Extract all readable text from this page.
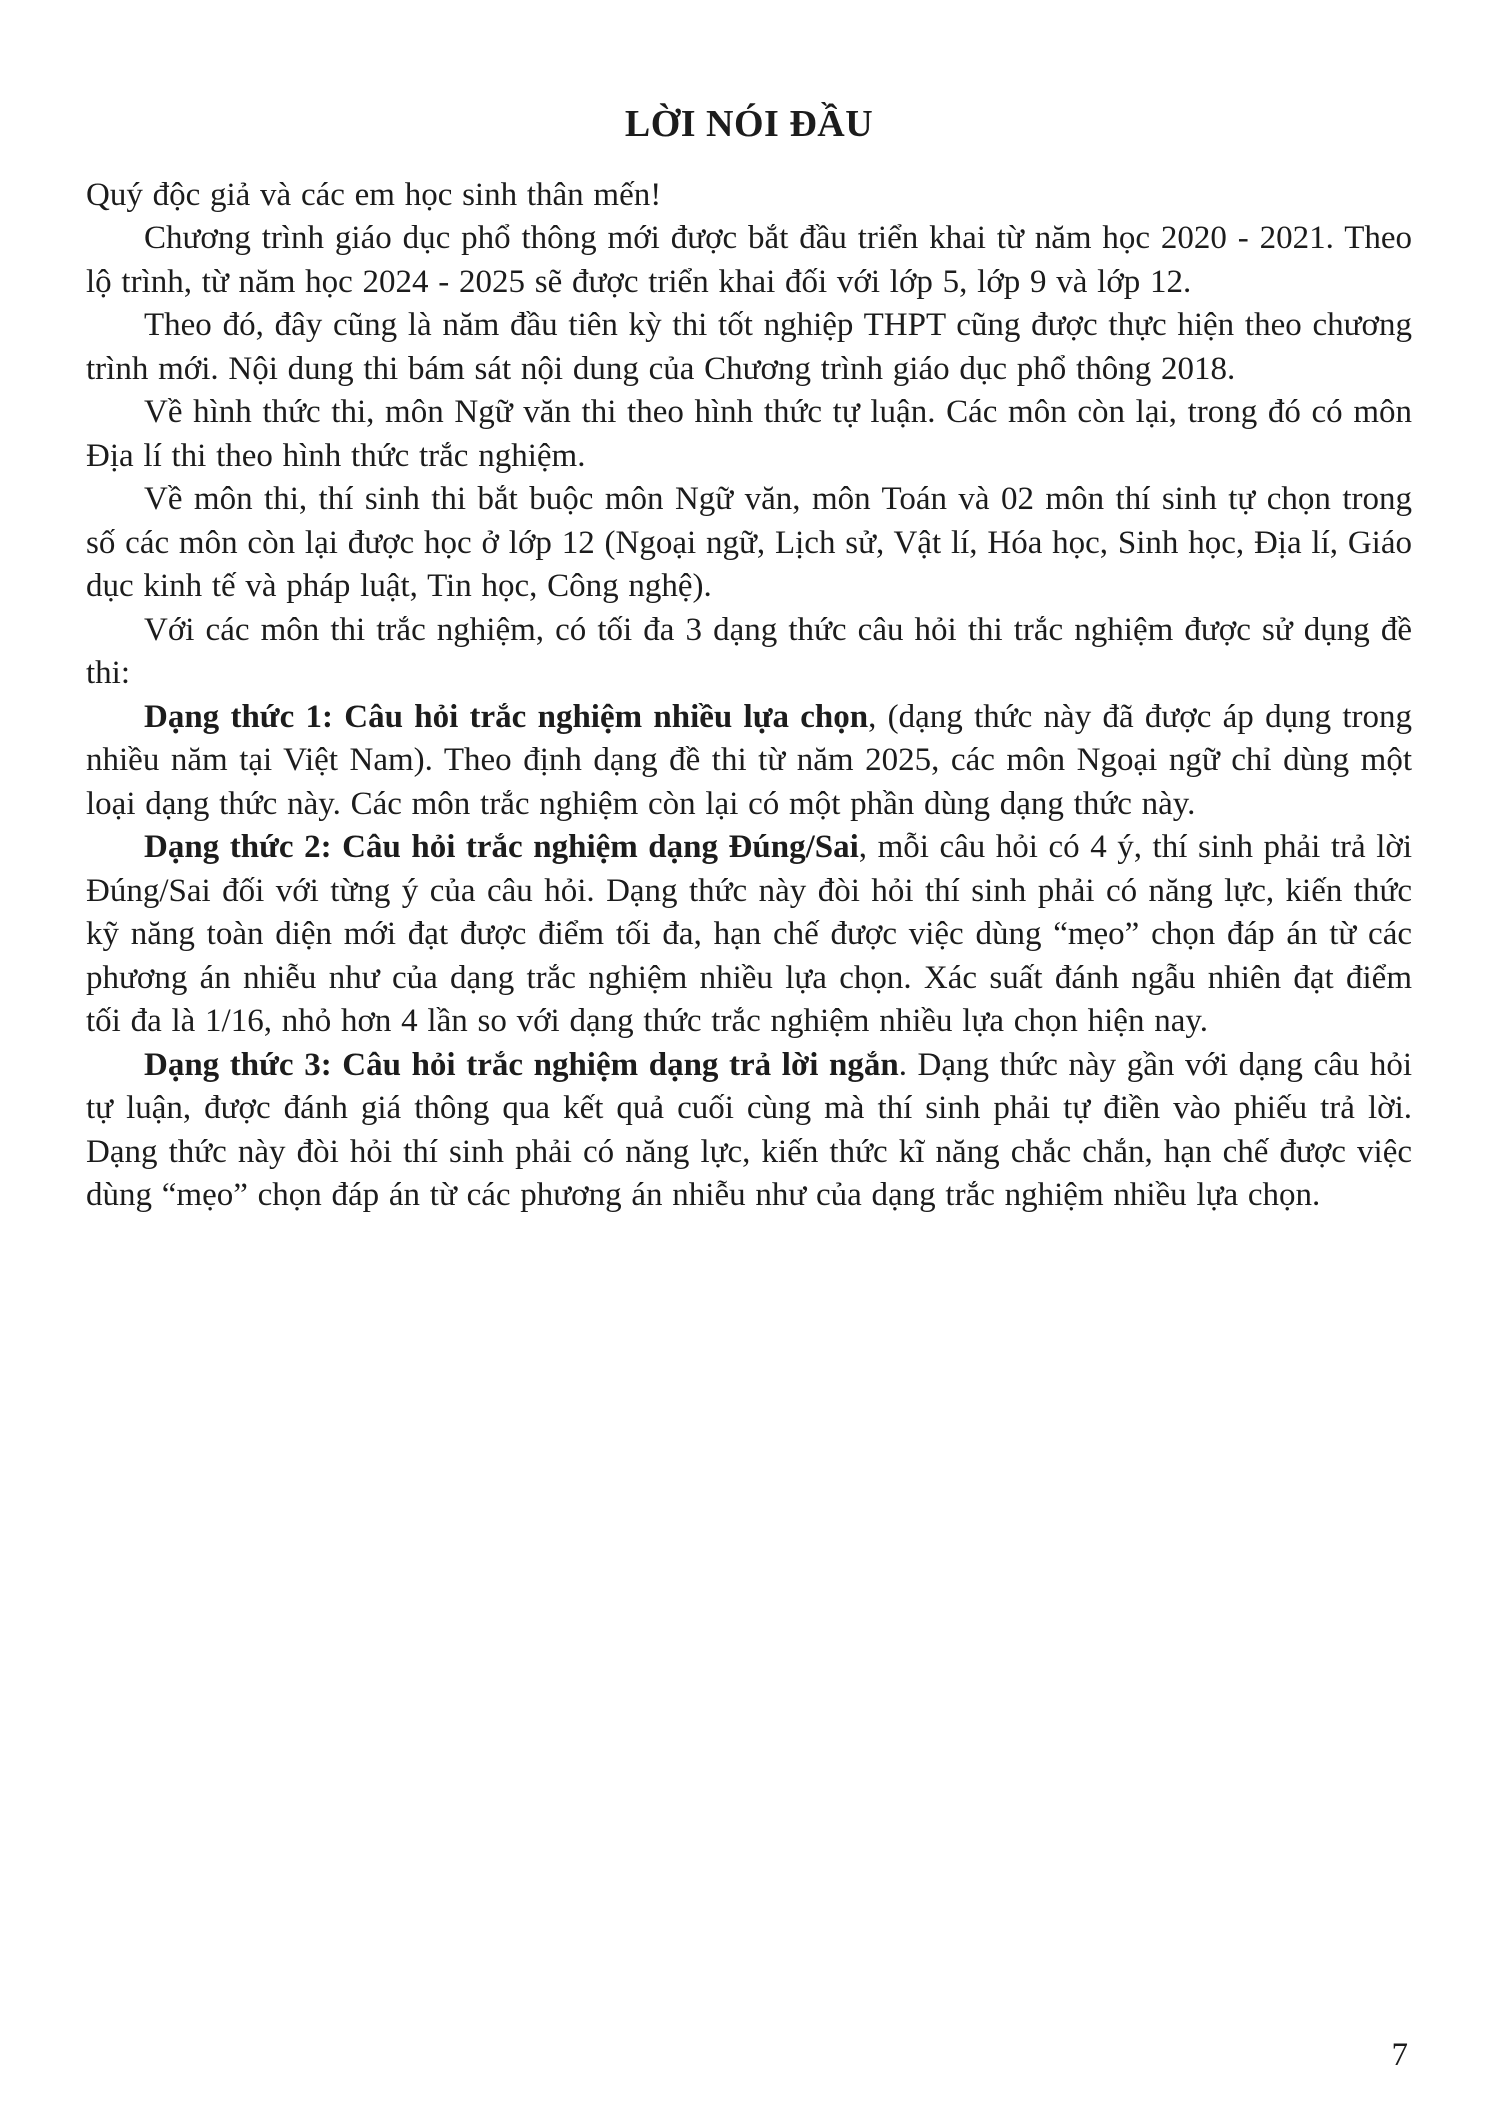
LỜI NÓI ĐẦU

Quý độc giả và các em học sinh thân mến!

Chương trình giáo dục phổ thông mới được bắt đầu triển khai từ năm học 2020 - 2021. Theo lộ trình, từ năm học 2024 - 2025 sẽ được triển khai đối với lớp 5, lớp 9 và lớp 12.

Theo đó, đây cũng là năm đầu tiên kỳ thi tốt nghiệp THPT cũng được thực hiện theo chương trình mới. Nội dung thi bám sát nội dung của Chương trình giáo dục phổ thông 2018.

Về hình thức thi, môn Ngữ văn thi theo hình thức tự luận. Các môn còn lại, trong đó có môn Địa lí thi theo hình thức trắc nghiệm.

Về môn thi, thí sinh thi bắt buộc môn Ngữ văn, môn Toán và 02 môn thí sinh tự chọn trong số các môn còn lại được học ở lớp 12 (Ngoại ngữ, Lịch sử, Vật lí, Hóa học, Sinh học, Địa lí, Giáo dục kinh tế và pháp luật, Tin học, Công nghệ).

Với các môn thi trắc nghiệm, có tối đa 3 dạng thức câu hỏi thi trắc nghiệm được sử dụng đề thi:

Dạng thức 1: Câu hỏi trắc nghiệm nhiều lựa chọn, (dạng thức này đã được áp dụng trong nhiều năm tại Việt Nam). Theo định dạng đề thi từ năm 2025, các môn Ngoại ngữ chỉ dùng một loại dạng thức này. Các môn trắc nghiệm còn lại có một phần dùng dạng thức này.

Dạng thức 2: Câu hỏi trắc nghiệm dạng Đúng/Sai, mỗi câu hỏi có 4 ý, thí sinh phải trả lời Đúng/Sai đối với từng ý của câu hỏi. Dạng thức này đòi hỏi thí sinh phải có năng lực, kiến thức kỹ năng toàn diện mới đạt được điểm tối đa, hạn chế được việc dùng “mẹo” chọn đáp án từ các phương án nhiễu như của dạng trắc nghiệm nhiều lựa chọn. Xác suất đánh ngẫu nhiên đạt điểm tối đa là 1/16, nhỏ hơn 4 lần so với dạng thức trắc nghiệm nhiều lựa chọn hiện nay.

Dạng thức 3: Câu hỏi trắc nghiệm dạng trả lời ngắn. Dạng thức này gần với dạng câu hỏi tự luận, được đánh giá thông qua kết quả cuối cùng mà thí sinh phải tự điền vào phiếu trả lời. Dạng thức này đòi hỏi thí sinh phải có năng lực, kiến thức kĩ năng chắc chắn, hạn chế được việc dùng “mẹo” chọn đáp án từ các phương án nhiễu như của dạng trắc nghiệm nhiều lựa chọn.

7
